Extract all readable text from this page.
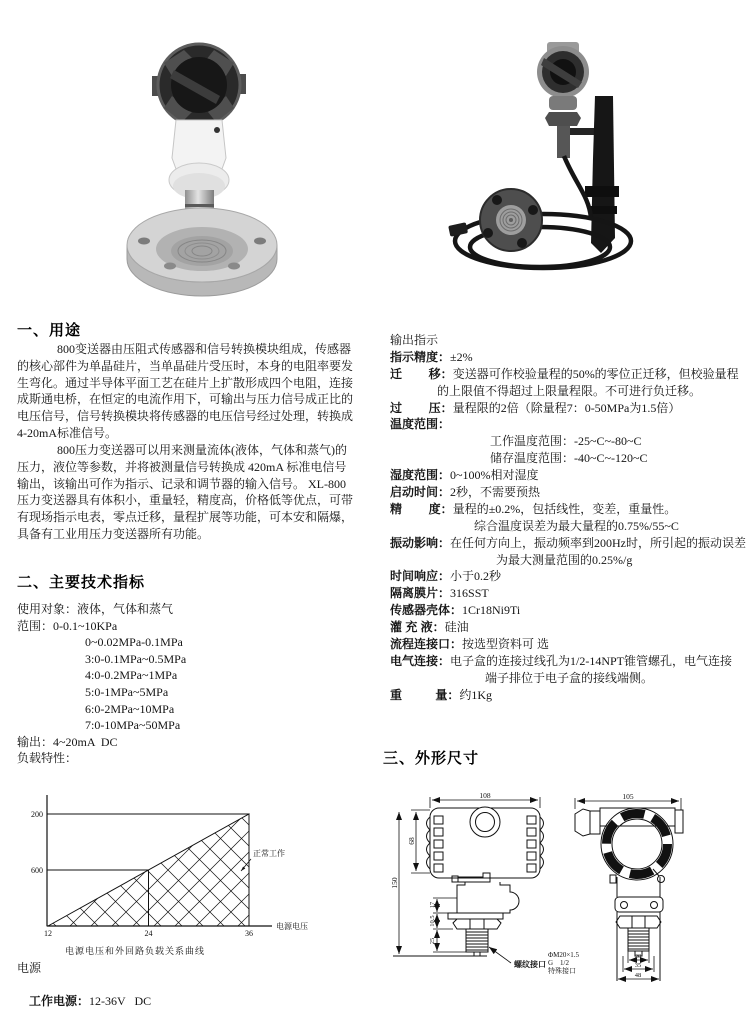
一、用途
800变送器由压阻式传感器和信号转换模块组成，传感器
的核心部件为单晶硅片，当单晶硅片受压时，本身的电阻率要发
生弯化。通过半导体平面工艺在硅片上扩散形成四个电阻，连接
成斯通电桥，在恒定的电流作用下，可输出与压力信号成正比的
电压信号，信号转换模块将传感器的电压信号经过处理，转换成
4-20mA标准信号。
800压力变送器可以用来测量流体(液体，气体和蒸气)的
压力，液位等参数，并将被测量信号转换成 420mA 标准电信号
输出，该输出可作为指示、记录和调节器的输入信号。 XL-800
压力变送器具有体积小，重量轻，精度高，价格低等优点，可带
有现场指示电表，零点迁移，量程扩展等功能，可本安和隔爆，
具备有工业用压力变送器所有功能。
二、主要技术指标
使用对象：液体，气体和蒸气
范围：0-0.1~10KPa
0~0.02MPa-0.1MPa
3:0-0.1MPa~0.5MPa
4:0-0.2MPa~1MPa
5:0-1MPa~5MPa
6:0-2MPa~10MPa
7:0-10MPa~50MPa
输出：4~20mA  DC
负载特性：
输出指示
指示精度：±2%
迁        移：变送器可作校验量程的50%的零位正迁移，但校验量程
的上限值不得超过上限量程限。不可进行负迁移。
过        压：量程限的2倍（除量程7：0-50MPa为1.5倍）
温度范围：
工作温度范围：-25~C~-80~C
储存温度范围：-40~C~-120~C
湿度范围：0~100%相对湿度
启动时间：2秒，不需要预热
精        度：量程的±0.2%，包括线性，变差，重量性。
综合温度误差为最大量程的0.75%/55~C
振动影响：在任何方向上，振动频率到200Hz时，所引起的振动误差
为最大测量范围的0.25%/g
时间响应：小于0.2秒
隔离膜片：316SST
传感器壳体：1Cr18Ni9Ti
灌 充 液：硅油
流程连接口：按选型资料可 选
电气连接：电子盒的连接过线孔为1/2-14NPT锥管螺孔，电气连接
端子排位于电子盒的接线端侧。
重          量：约1Kg
200
600
12	24	36
电源电压
正常工作
电源电压和外回路负载关系曲线
电源

工作电源：12-36V   DC

三、外形尺寸
108
68
150
17
10.5
25
螺纹接口
ΦM20×1.5
G    1/2
特殊接口
105
20
35
48
